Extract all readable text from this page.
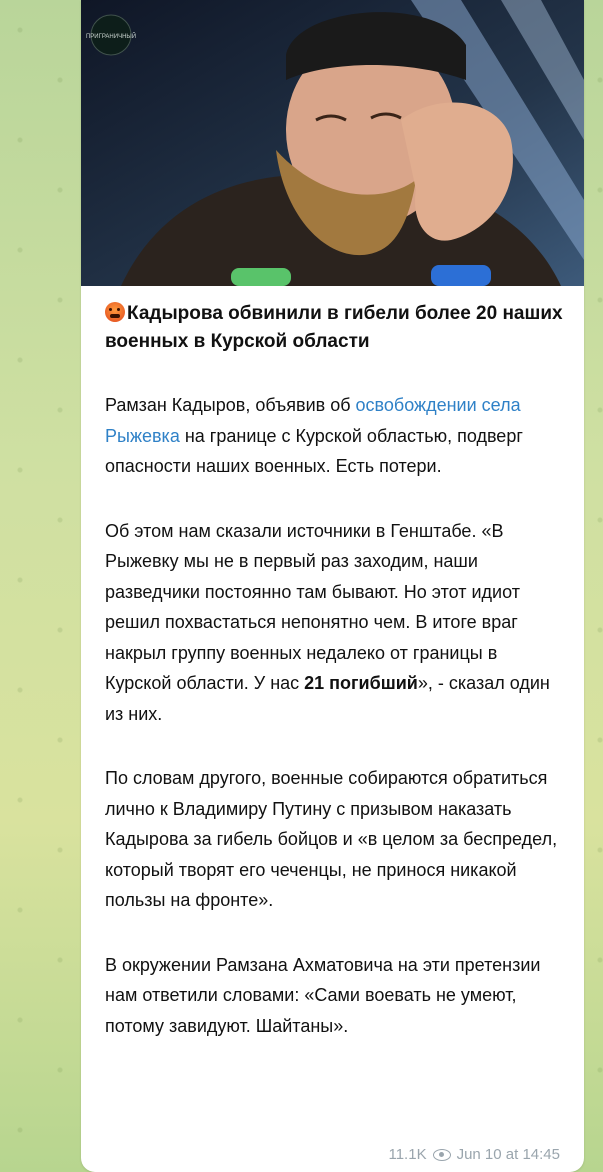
ПРИГРАНИЧНЫЙ

Кадырова обвинили в гибели более 20 наших военных в Курской области

Рамзан Кадыров, объявив об освобождении села Рыжевка на границе с Курской областью, подверг опасности наших военных. Есть потери.

Об этом нам сказали источники в Генштабе. «В Рыжевку мы не в первый раз заходим, наши разведчики постоянно там бывают. Но этот идиот решил похвастаться непонятно чем. В итоге враг накрыл группу военных недалеко от границы в Курской области. У нас 21 погибший», - сказал один из них.

По словам другого, военные собираются обратиться лично к Владимиру Путину с призывом наказать Кадырова за гибель бойцов и «в целом за беспредел, который творят его чеченцы, не принося никакой пользы на фронте».

В окружении Рамзана Ахматовича на эти претензии нам ответили словами: «Сами воевать не умеют, потому завидуют. Шайтаны».

11.1K Jun 10 at 14:45
